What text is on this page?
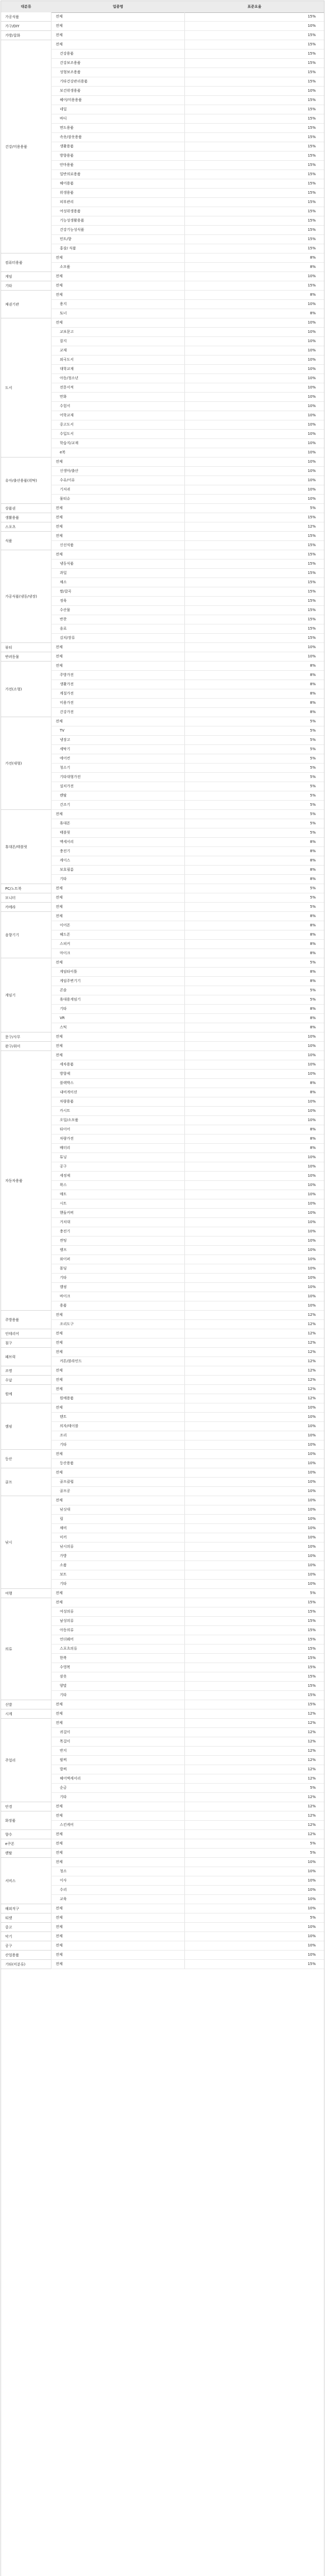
대분류	업종명	표준요율
가공식품	전체	15%
가구/DIY	전체	10%
가방/잡화	전체	15%
건강/미용용품
전체	15%
건강용품	15%
건강보조용품	15%
성형보조용품	15%
기타건강관리용품	15%
보건위생용품	10%
헤어/미용용품	15%
네일	15%
바디	15%
면도용품	15%
속옷/잠옷용품	15%
생활용품	15%
방향용품	15%
안마용품	15%
일반의료용품	15%
헤어용품	15%
위생용품	15%
피부관리	15%
여성위생용품	15%
기능성생활용품	15%
건강기능성식품	15%
민트/향	15%
홍삼/ 식품	15%
컴퓨터용품
전체	8%
소모품	8%
게임	전체	10%
기타	전체	15%
채권기관
전체	8%
용지	10%
토너	8%
도서
전체	10%
교보문고	10%
잡지	10%
교재	10%
외국도서	10%
대학교재	10%
아동/청소년	10%
전문서적	10%
만화	10%
수험서	10%
어학교재	10%
중고도서	10%
수입도서	10%
학습지/교재	10%
e북	10%
유아/출산용품(위탁)
전체	10%
신생아/출산	10%
수유/이유	10%
기저귀	10%
물티슈	10%
상품권	전체	5%
생활용품	전체	15%
스포츠	전체	12%
식품
전체	15%
신선식품	15%
가공식품(냉동/냉장)
전체	15%
냉동식품	15%
과일	15%
채소	15%
쌀/잡곡	15%
정육	15%
수산물	15%
반찬	15%
음료	15%
김치/장류	15%
뷰티	전체	10%
반려동물	전체	10%
가전(소형)
전체	8%
주방가전	8%
생활가전	8%
계절가전	8%
미용가전	8%
건강가전	8%
가전(대형)
전체	5%
TV	5%
냉장고	5%
세탁기	5%
에어컨	5%
청소기	5%
기타대형가전	5%
설치가전	5%
렌탈	5%
건조기	5%
휴대폰/태블릿
전체	5%
휴대폰	5%
태블릿	5%
액세서리	8%
충전기	8%
케이스	8%
보호필름	8%
기타	8%
PC/노트북	전체	5%
모니터	전체	5%
카메라	전체	5%
음향기기
전체	8%
이어폰	8%
헤드폰	8%
스피커	8%
마이크	8%
게임기
전체	5%
게임타이틀	8%
게임주변기기	8%
콘솔	5%
휴대용게임기	5%
기타	8%
VR	8%
스틱	8%
문구/사무	전체	10%
완구/취미	전체	10%
자동차용품
전체	10%
세차용품	10%
방향제	10%
블랙박스	8%
내비게이션	8%
차량용품	10%
카시트	10%
오일/소모품	10%
타이어	8%
차량가전	8%
배터리	8%
튜닝	10%
공구	10%
세정제	10%
왁스	10%
매트	10%
시트	10%
핸들커버	10%
거치대	10%
충전기	10%
썬팅	10%
램프	10%
와이퍼	10%
몰딩	10%
기타	10%
캠핑	10%
바이크	10%
용품	10%
주방용품
전체	12%
조리도구	12%
인테리어	전체	12%
침구	전체	12%
패브릭
전체	12%
커튼/블라인드	12%
조명	전체	12%
수납	전체	12%
원예
전체	12%
원예용품	12%
캠핑
전체	10%
텐트	10%
의자/테이블	10%
조리	10%
기타	10%
등산
전체	10%
등산용품	10%
골프
전체	10%
골프클럽	10%
골프공	10%
낚시
전체	10%
낚싯대	10%
릴	10%
채비	10%
미끼	10%
낚시의류	10%
가방	10%
소품	10%
보트	10%
기타	10%
여행	전체	5%
의류
전체	15%
여성의류	15%
남성의류	15%
아동의류	15%
언더웨어	15%
스포츠의류	15%
한복	15%
수영복	15%
잠옷	15%
양말	15%
기타	15%
신발	전체	15%
시계	전체	12%
주얼리
전체	12%
귀걸이	12%
목걸이	12%
반지	12%
팔찌	12%
발찌	12%
헤어액세서리	12%
순금	5%
기타	12%
안경	전체	12%
화장품
전체	12%
스킨케어	12%
향수	전체	12%
e쿠폰	전체	5%
렌탈	전체	5%
서비스
전체	10%
청소	10%
이사	10%
수리	10%
교육	10%
해외직구	전체	10%
티켓	전체	5%
중고	전체	10%
악기	전체	10%
공구	전체	10%
산업용품	전체	10%
기타(미분류)	전체	15%
